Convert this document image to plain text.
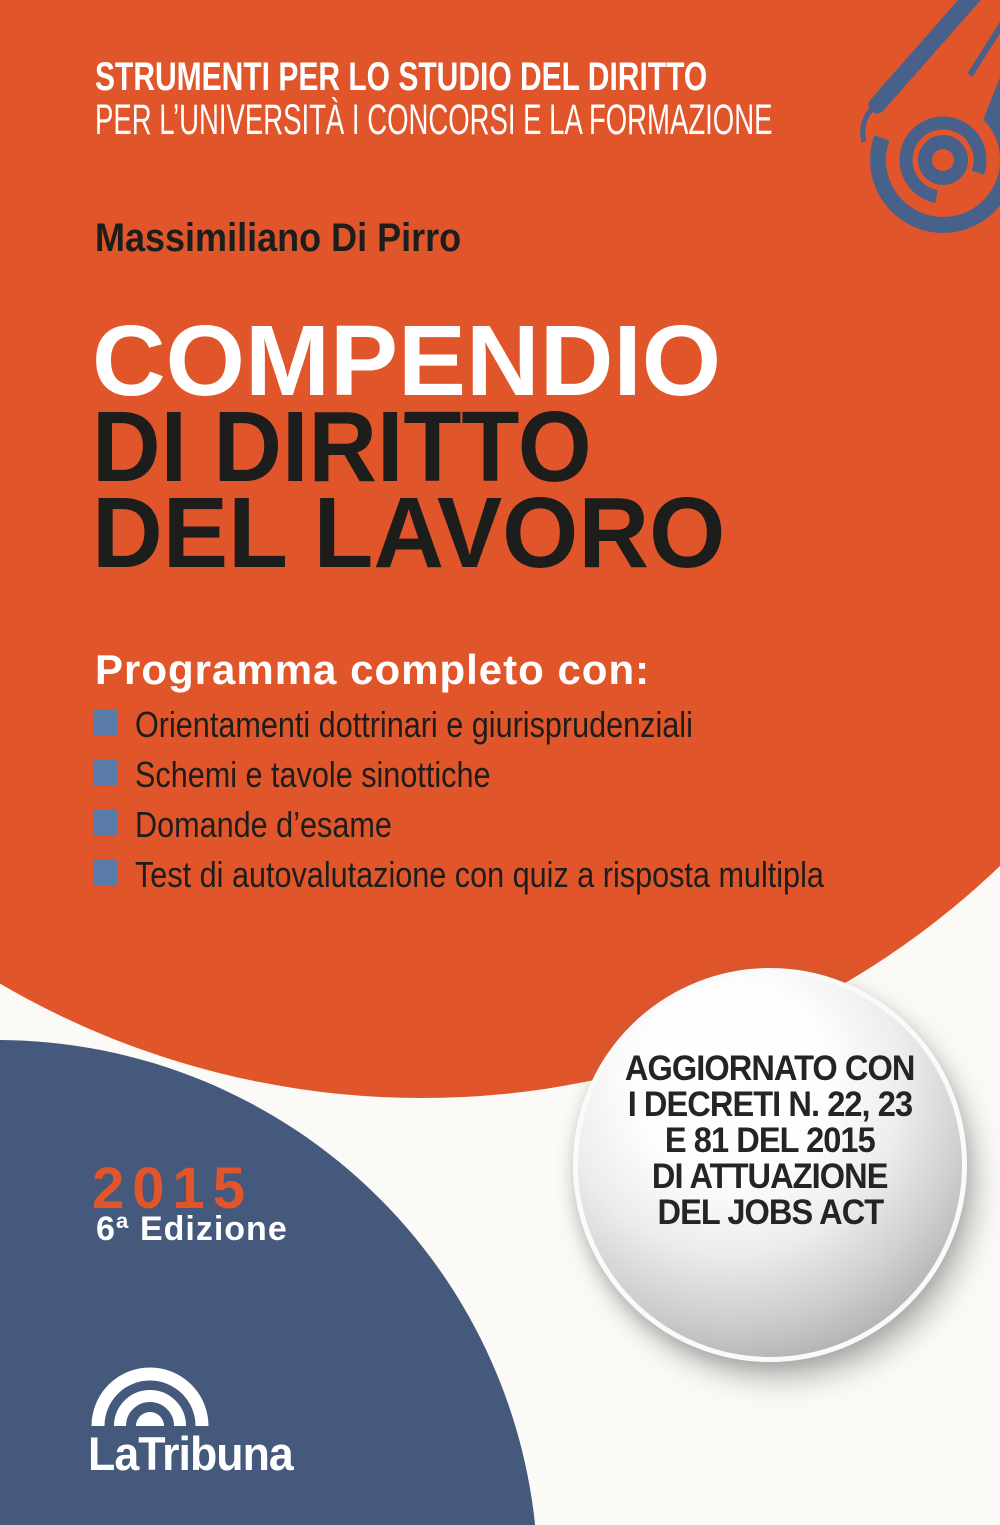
STRUMENTI PER LO STUDIO DEL DIRITTO
PER L’UNIVERSITÀ I CONCORSI E LA FORMAZIONE
Massimiliano Di Pirro
COMPENDIO
DI DIRITTO
DEL LAVORO
Programma completo con:
Orientamenti dottrinari e giurisprudenziali
Schemi e tavole sinottiche
Domande d’esame
Test di autovalutazione con quiz a risposta multipla
AGGIORNATO CON
I DECRETI N. 22, 23
E 81 DEL 2015
DI ATTUAZIONE
DEL JOBS ACT
2015
6ª Edizione
LaTribuna
